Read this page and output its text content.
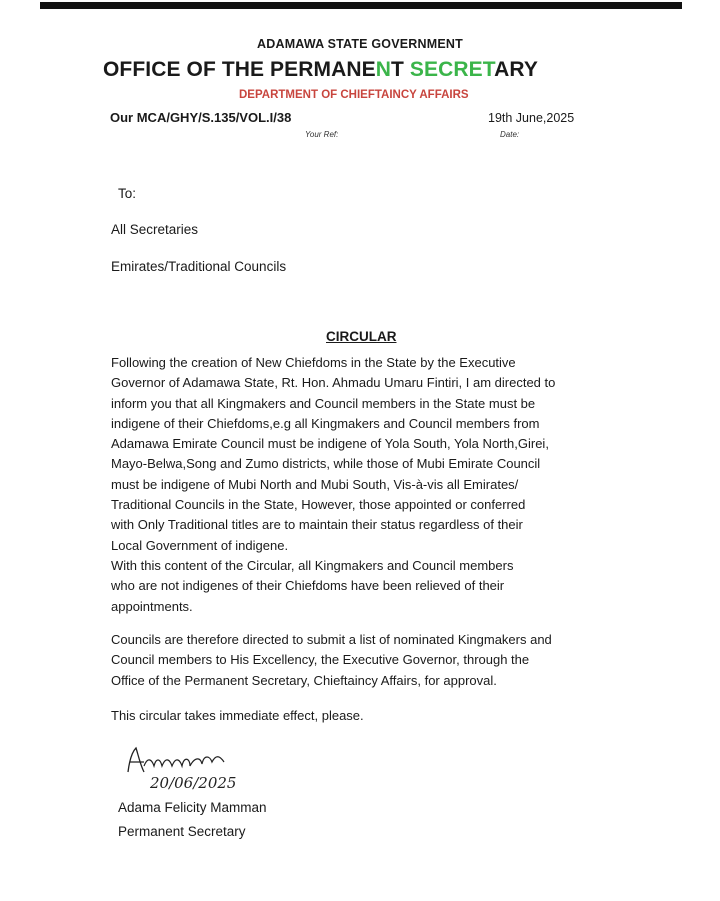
ADAMAWA STATE GOVERNMENT
OFFICE OF THE PERMANENT SECRETARY
DEPARTMENT OF CHIEFTAINCY AFFAIRS
Our MCA/GHY/S.135/VOL.I/38	19th June,2025
Your Ref:	Date:
To:
All Secretaries
Emirates/Traditional Councils
CIRCULAR

Following the creation of New Chiefdoms in the State by the Executive
Governor of Adamawa State, Rt. Hon. Ahmadu Umaru Fintiri, I am directed to
inform you that all Kingmakers and Council members in the State must be
indigene of their Chiefdoms,e.g all Kingmakers and Council members from
Adamawa Emirate Council must be indigene of Yola South, Yola North,Girei,
Mayo-Belwa,Song and Zumo districts, while those of Mubi Emirate Council
must be indigene of Mubi North and Mubi South, Vis-à-vis all Emirates/
Traditional Councils in the State, However, those appointed or conferred
with Only Traditional titles are to maintain their status regardless of their
Local Government of indigene.

With this content of the Circular, all Kingmakers and Council members
who are not indigenes of their Chiefdoms have been relieved of their
appointments.

Councils are therefore directed to submit a list of nominated Kingmakers and
Council members to His Excellency, the Executive Governor, through the
Office of the Permanent Secretary, Chieftaincy Affairs, for approval.

This circular takes immediate effect, please.

20/06/2025
Adama Felicity Mamman
Permanent Secretary
